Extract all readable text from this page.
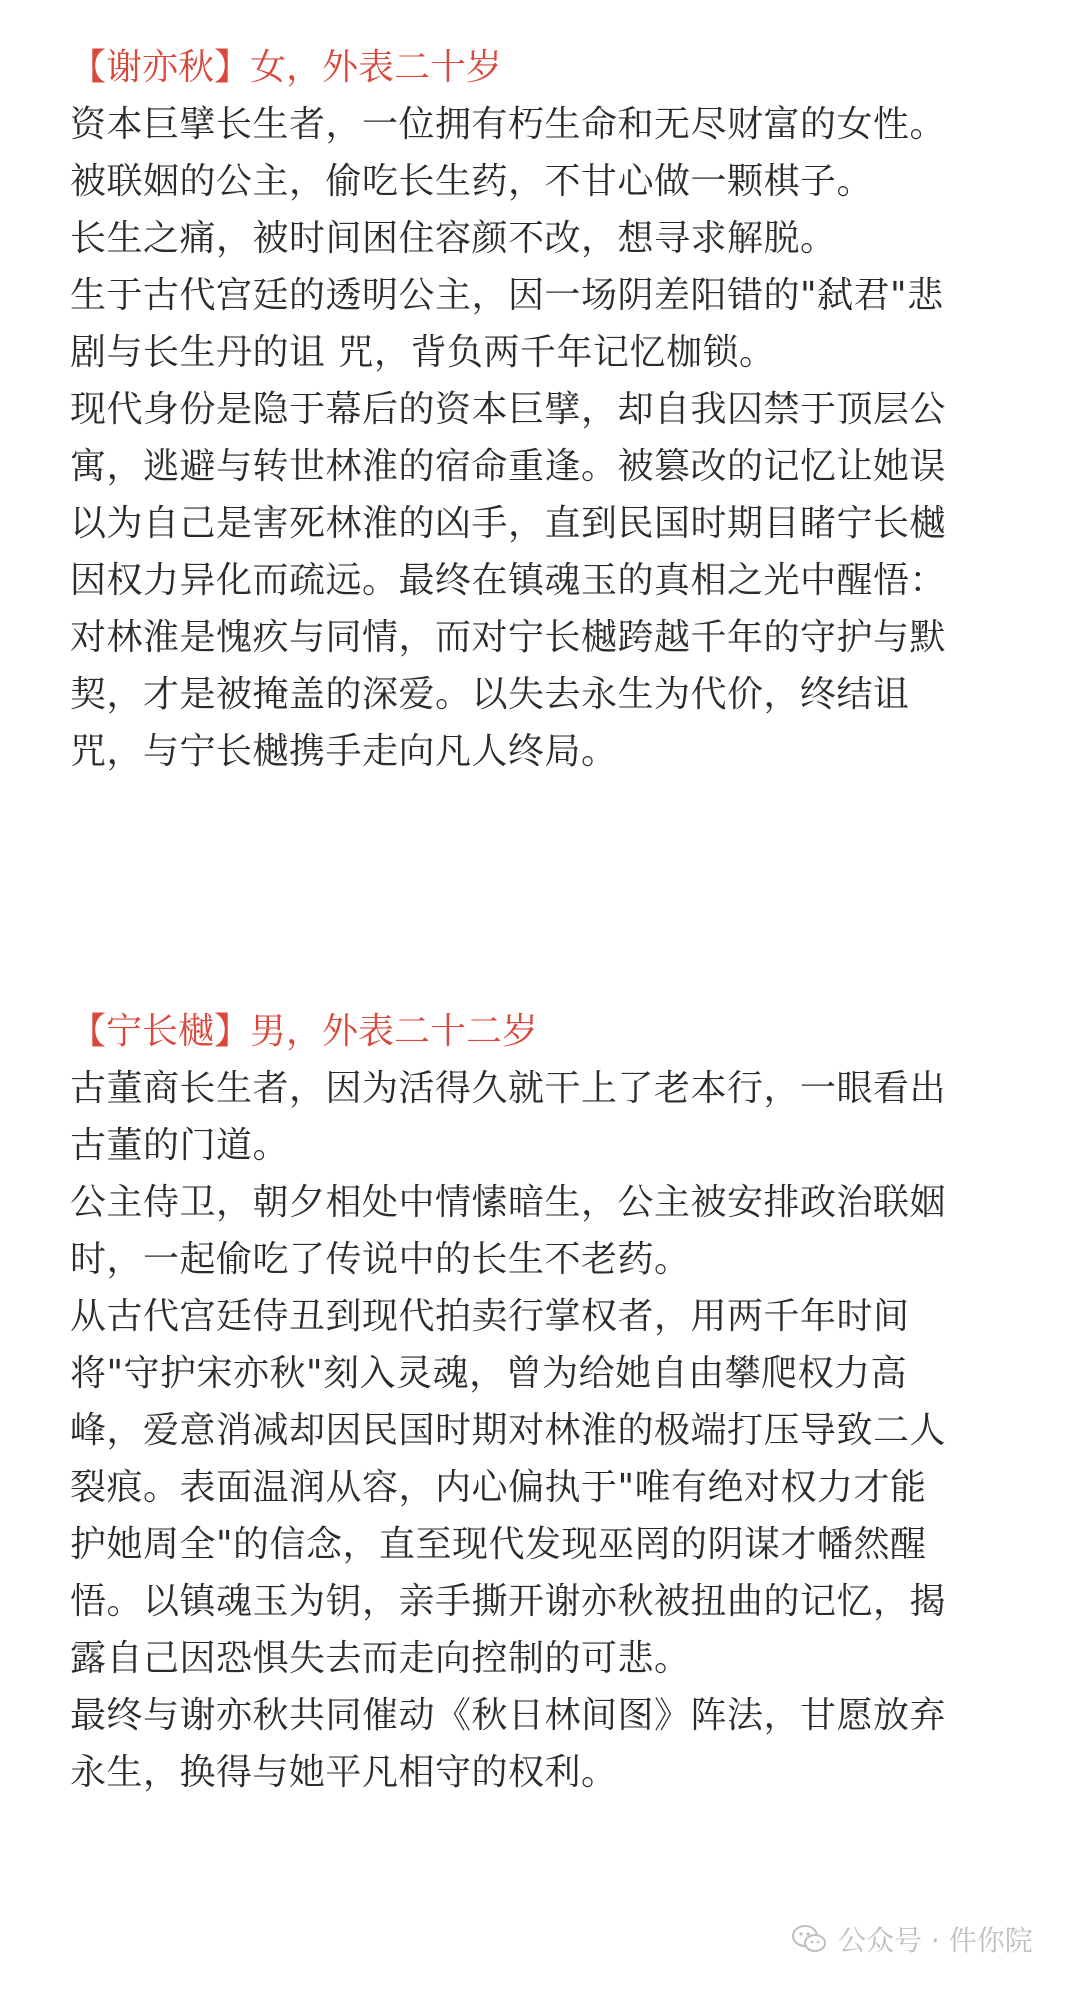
【谢亦秋】女，外表二十岁

资本巨擘长生者，一位拥有朽生命和无尽财富的女性。

被联姻的公主，偷吃长生药，不甘心做一颗棋子。

长生之痛，被时间困住容颜不改，想寻求解脱。

生于古代宫廷的透明公主，因一场阴差阳错的"弑君"悲
剧与长生丹的诅 咒，背负两千年记忆枷锁。

现代身份是隐于幕后的资本巨擘，却自我囚禁于顶层公
寓，逃避与转世林淮的宿命重逢。被篡改的记忆让她误
以为自己是害死林淮的凶手，直到民国时期目睹宁长樾
因权力异化而疏远。最终在镇魂玉的真相之光中醒悟：
对林淮是愧疚与同情，而对宁长樾跨越千年的守护与默
契，才是被掩盖的深爱。以失去永生为代价，终结诅
咒，与宁长樾携手走向凡人终局。

【宁长樾】男，外表二十二岁

古董商长生者，因为活得久就干上了老本行，一眼看出
古董的门道。

公主侍卫，朝夕相处中情愫暗生，公主被安排政治联姻
时，一起偷吃了传说中的长生不老药。

从古代宫廷侍丑到现代拍卖行掌权者，用两千年时间
将"守护宋亦秋"刻入灵魂，曾为给她自由攀爬权力高
峰，爱意消减却因民国时期对林淮的极端打压导致二人
裂痕。表面温润从容，内心偏执于"唯有绝对权力才能
护她周全"的信念，直至现代发现巫罔的阴谋才幡然醒
悟。以镇魂玉为钥，亲手撕开谢亦秋被扭曲的记忆，揭
露自己因恐惧失去而走向控制的可悲。

最终与谢亦秋共同催动《秋日林间图》阵法，甘愿放弃
永生，换得与她平凡相守的权利。

公众号 · 件你院
